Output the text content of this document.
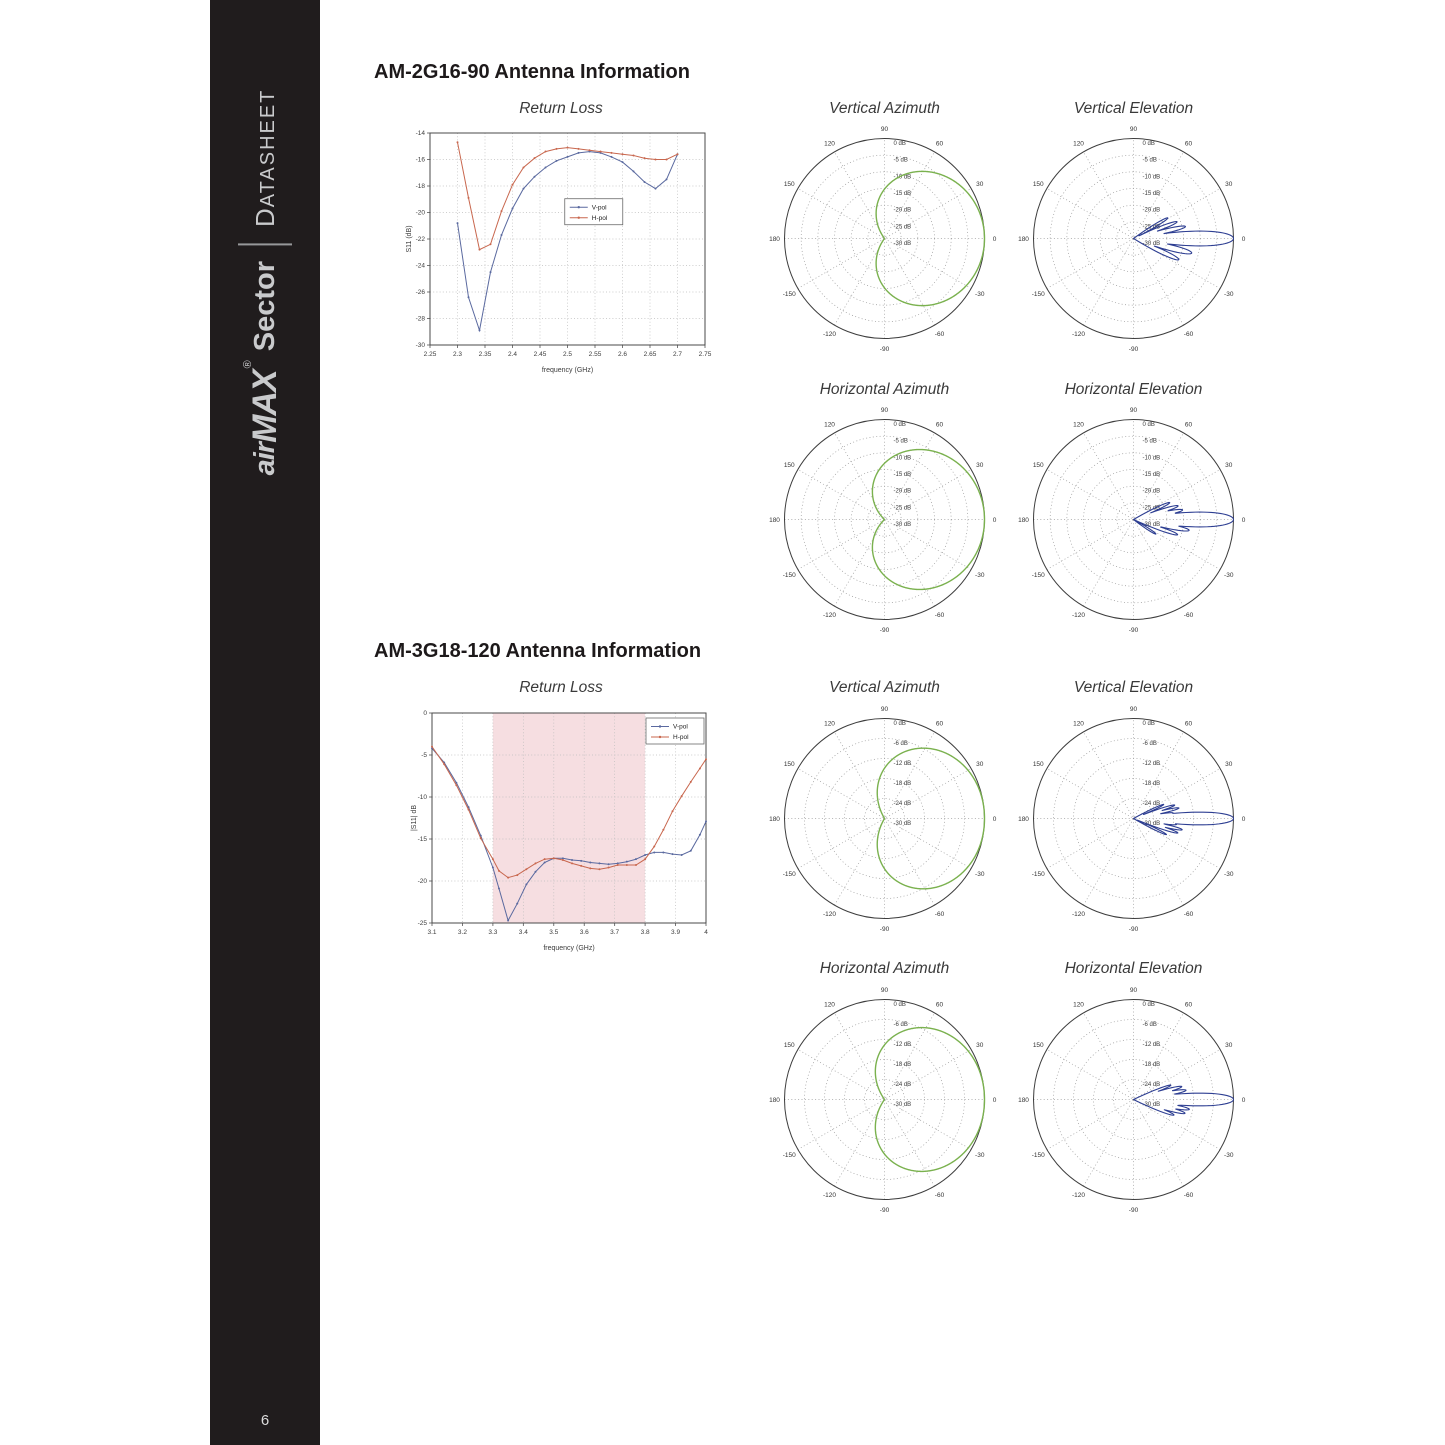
air
MAX
®
Sector
DATASHEET
6
AM-2G16-90 Antenna Information
Return Loss	Vertical Azimuth	Vertical Elevation
Horizontal Azimuth	Horizontal Elevation
2.25	2.3	2.35	2.4	2.45	2.5	2.55	2.6	2.65	2.7	2.75
-14
-16
-18
-20
-22
-24
-26
-28
-30
frequency (GHz)
S11 (dB)
V-pol
H-pol
0
30
60
90
120
150
180
-150
-120
-90
-60
-30
0 dB
-5 dB
-10 dB
-15 dB
-20 dB
-25 dB
-30 dB
0
30
60
90
120
150
180
-150
-120
-90
-60
-30
0 dB
-5 dB
-10 dB
-15 dB
-20 dB
-25 dB
-30 dB
0
30
60
90
120
150
180
-150
-120
-90
-60
-30
0 dB
-5 dB
-10 dB
-15 dB
-20 dB
-25 dB
-30 dB
0
30
60
90
120
150
180
-150
-120
-90
-60
-30
0 dB
-5 dB
-10 dB
-15 dB
-20 dB
-25 dB
-30 dB
AM-3G18-120 Antenna Information
Return Loss	Vertical Azimuth	Vertical Elevation
Horizontal Azimuth	Horizontal Elevation
3.1	3.2	3.3	3.4	3.5	3.6	3.7	3.8	3.9	4
0
-5
-10
-15
-20
-25
frequency (GHz)
|S11| dB
V-pol
H-pol
0
30
60
90
120
150
180
-150
-120
-90
-60
-30
0 dB
-6 dB
-12 dB
-18 dB
-24 dB
-30 dB
0
30
60
90
120
150
180
-150
-120
-90
-60
-30
0 dB
-6 dB
-12 dB
-18 dB
-24 dB
-30 dB
0
30
60
90
120
150
180
-150
-120
-90
-60
-30
0 dB
-6 dB
-12 dB
-18 dB
-24 dB
-30 dB
0
30
60
90
120
150
180
-150
-120
-90
-60
-30
0 dB
-6 dB
-12 dB
-18 dB
-24 dB
-30 dB
